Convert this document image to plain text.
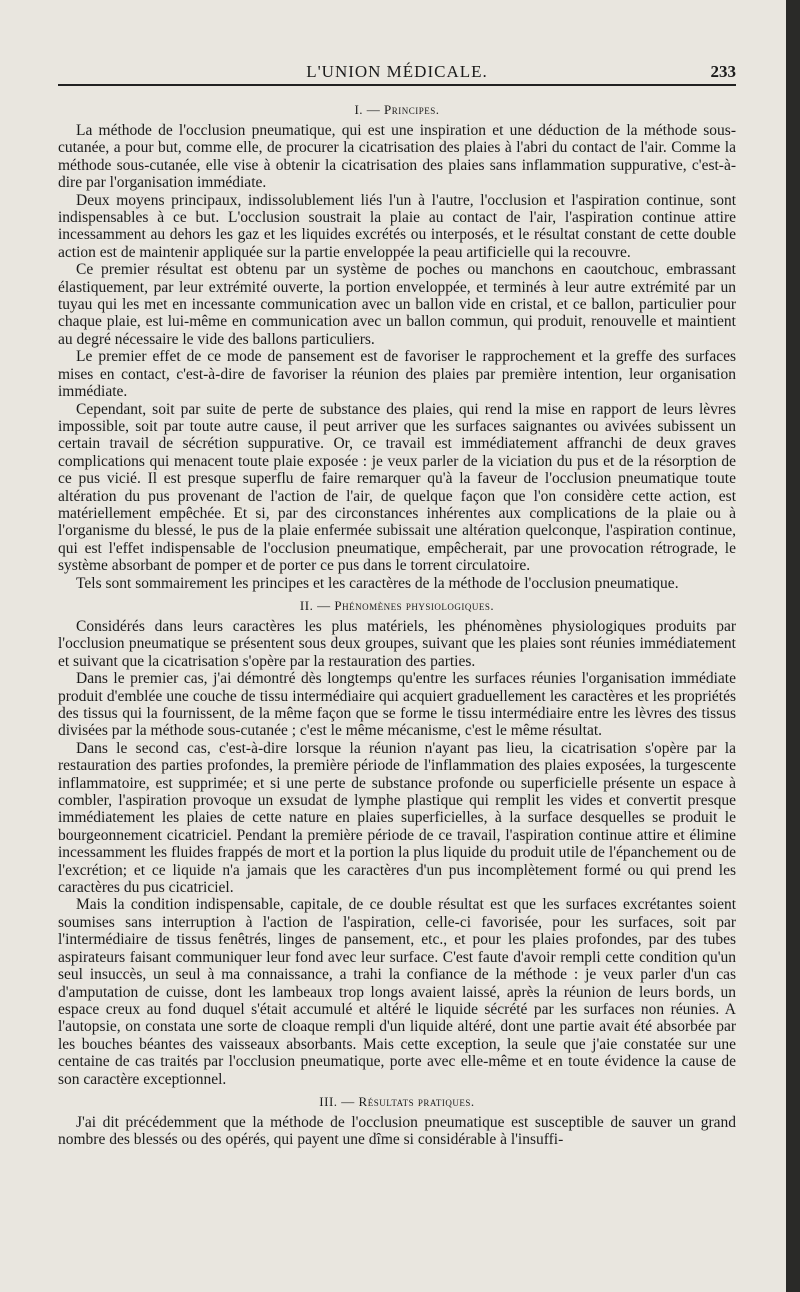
L'UNION MÉDICALE.	233
I. — Principes.

La méthode de l'occlusion pneumatique, qui est une inspiration et une déduction de la méthode sous-cutanée, a pour but, comme elle, de procurer la cicatrisation des plaies à l'abri du contact de l'air. Comme la méthode sous-cutanée, elle vise à obtenir la cicatrisation des plaies sans inflammation suppurative, c'est-à-dire par l'organisation immédiate.

Deux moyens principaux, indissolublement liés l'un à l'autre, l'occlusion et l'aspiration continue, sont indispensables à ce but. L'occlusion soustrait la plaie au contact de l'air, l'aspiration continue attire incessamment au dehors les gaz et les liquides excrétés ou interposés, et le résultat constant de cette double action est de maintenir appliquée sur la partie enveloppée la peau artificielle qui la recouvre.

Ce premier résultat est obtenu par un système de poches ou manchons en caoutchouc, embrassant élastiquement, par leur extrémité ouverte, la portion enveloppée, et terminés à leur autre extrémité par un tuyau qui les met en incessante communication avec un ballon vide en cristal, et ce ballon, particulier pour chaque plaie, est lui-même en communication avec un ballon commun, qui produit, renouvelle et maintient au degré nécessaire le vide des ballons particuliers.

Le premier effet de ce mode de pansement est de favoriser le rapprochement et la greffe des surfaces mises en contact, c'est-à-dire de favoriser la réunion des plaies par première intention, leur organisation immédiate.

Cependant, soit par suite de perte de substance des plaies, qui rend la mise en rapport de leurs lèvres impossible, soit par toute autre cause, il peut arriver que les surfaces saignantes ou avivées subissent un certain travail de sécrétion suppurative. Or, ce travail est immédiatement affranchi de deux graves complications qui menacent toute plaie exposée : je veux parler de la viciation du pus et de la résorption de ce pus vicié. Il est presque superflu de faire remarquer qu'à la faveur de l'occlusion pneumatique toute altération du pus provenant de l'action de l'air, de quelque façon que l'on considère cette action, est matériellement empêchée. Et si, par des circonstances inhérentes aux complications de la plaie ou à l'organisme du blessé, le pus de la plaie enfermée subissait une altération quelconque, l'aspiration continue, qui est l'effet indispensable de l'occlusion pneumatique, empêcherait, par une provocation rétrograde, le système absorbant de pomper et de porter ce pus dans le torrent circulatoire.

Tels sont sommairement les principes et les caractères de la méthode de l'occlusion pneumatique.

II. — Phénomènes physiologiques.

Considérés dans leurs caractères les plus matériels, les phénomènes physiologiques produits par l'occlusion pneumatique se présentent sous deux groupes, suivant que les plaies sont réunies immédiatement et suivant que la cicatrisation s'opère par la restauration des parties.

Dans le premier cas, j'ai démontré dès longtemps qu'entre les surfaces réunies l'organisation immédiate produit d'emblée une couche de tissu intermédiaire qui acquiert graduellement les caractères et les propriétés des tissus qui la fournissent, de la même façon que se forme le tissu intermédiaire entre les lèvres des tissus divisées par la méthode sous-cutanée ; c'est le même mécanisme, c'est le même résultat.

Dans le second cas, c'est-à-dire lorsque la réunion n'ayant pas lieu, la cicatrisation s'opère par la restauration des parties profondes, la première période de l'inflammation des plaies exposées, la turgescente inflammatoire, est supprimée; et si une perte de substance profonde ou superficielle présente un espace à combler, l'aspiration provoque un exsudat de lymphe plastique qui remplit les vides et convertit presque immédiatement les plaies de cette nature en plaies superficielles, à la surface desquelles se produit le bourgeonnement cicatriciel. Pendant la première période de ce travail, l'aspiration continue attire et élimine incessamment les fluides frappés de mort et la portion la plus liquide du produit utile de l'épanchement ou de l'excrétion; et ce liquide n'a jamais que les caractères d'un pus incomplètement formé ou qui prend les caractères du pus cicatriciel.

Mais la condition indispensable, capitale, de ce double résultat est que les surfaces excrétantes soient soumises sans interruption à l'action de l'aspiration, celle-ci favorisée, pour les surfaces, soit par l'intermédiaire de tissus fenêtrés, linges de pansement, etc., et pour les plaies profondes, par des tubes aspirateurs faisant communiquer leur fond avec leur surface. C'est faute d'avoir rempli cette condition qu'un seul insuccès, un seul à ma connaissance, a trahi la confiance de la méthode : je veux parler d'un cas d'amputation de cuisse, dont les lambeaux trop longs avaient laissé, après la réunion de leurs bords, un espace creux au fond duquel s'était accumulé et altéré le liquide sécrété par les surfaces non réunies. A l'autopsie, on constata une sorte de cloaque rempli d'un liquide altéré, dont une partie avait été absorbée par les bouches béantes des vaisseaux absorbants. Mais cette exception, la seule que j'aie constatée sur une centaine de cas traités par l'occlusion pneumatique, porte avec elle-même et en toute évidence la cause de son caractère exceptionnel.

III. — Résultats pratiques.

J'ai dit précédemment que la méthode de l'occlusion pneumatique est susceptible de sauver un grand nombre des blessés ou des opérés, qui payent une dîme si considérable à l'insuffi-
